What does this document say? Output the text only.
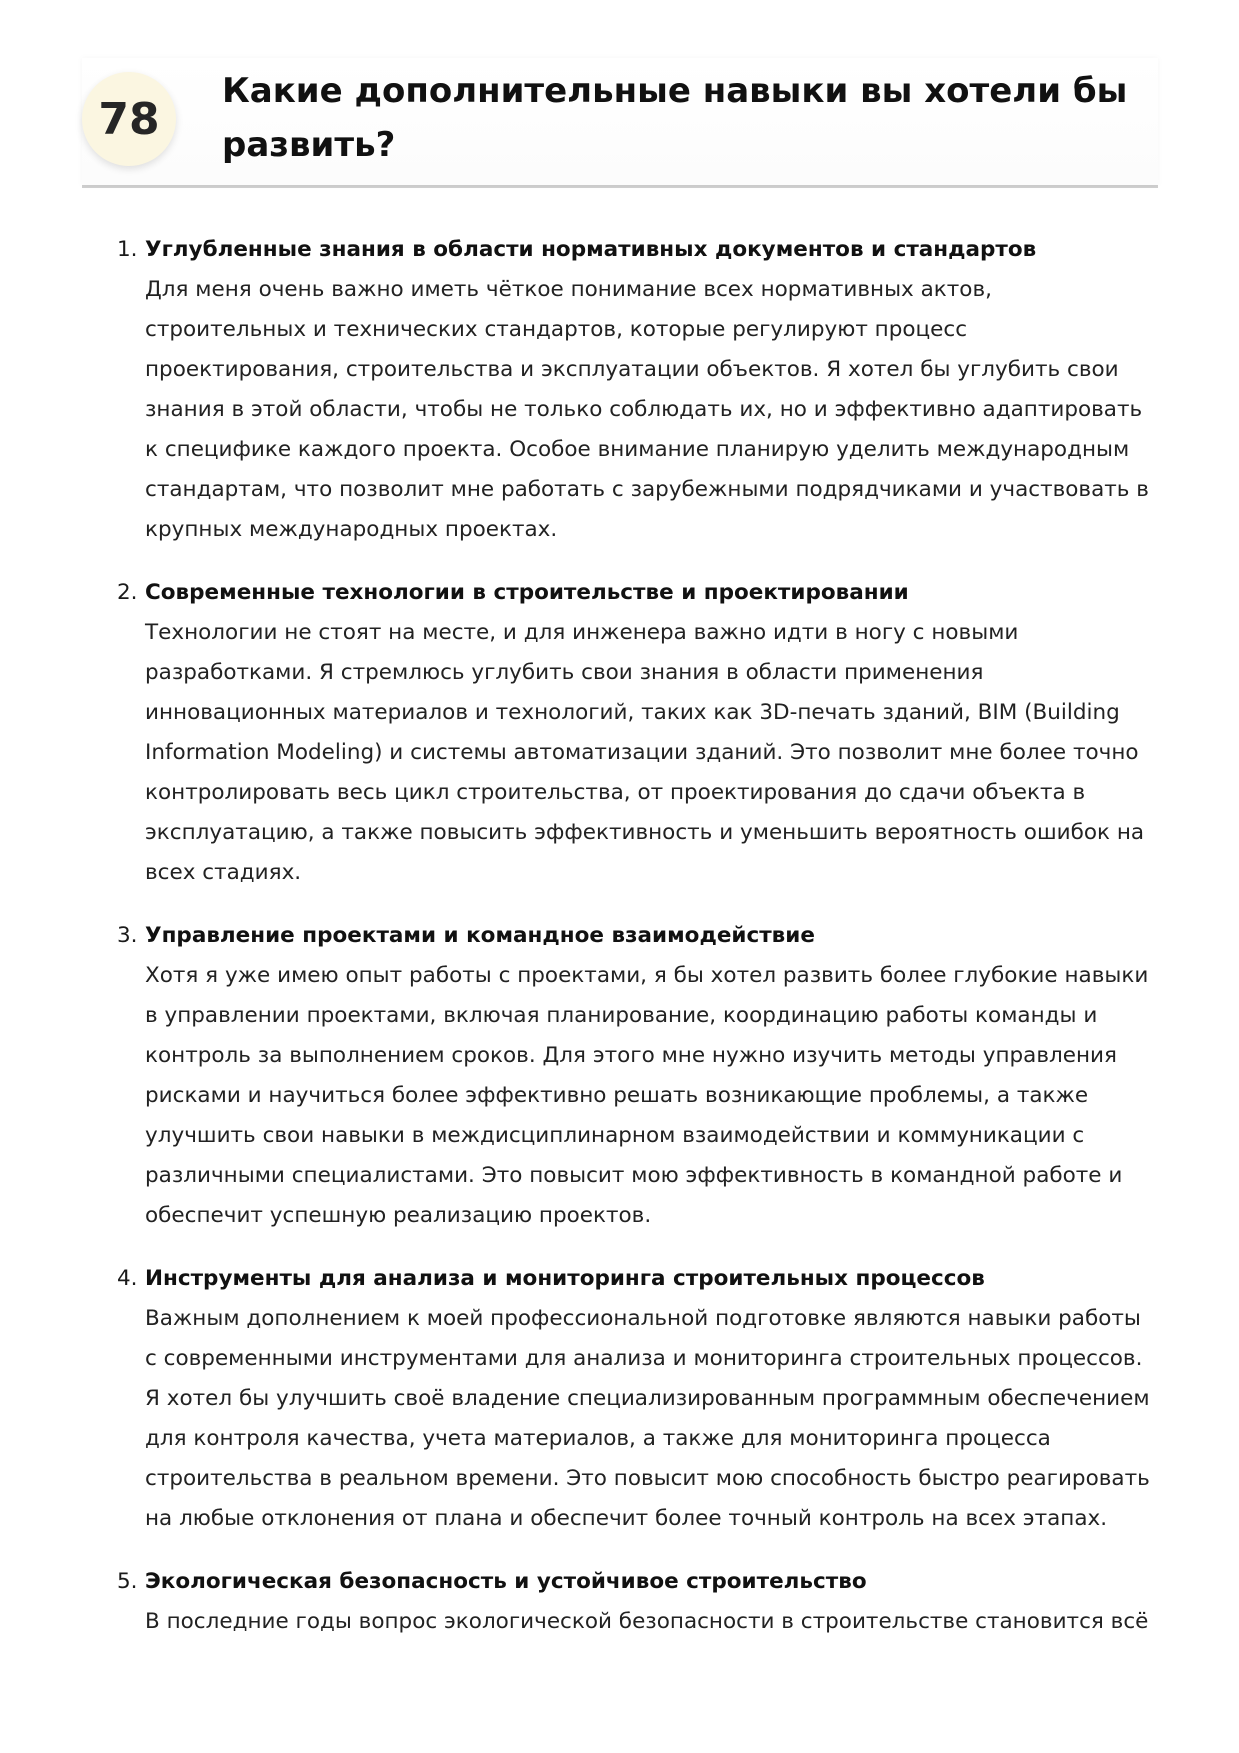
78
Какие дополнительные навыки вы хотели бы развить?
1. Углубленные знания в области нормативных документов и стандартов
Для меня очень важно иметь чёткое понимание всех нормативных актов, строительных и технических стандартов, которые регулируют процесс проектирования, строительства и эксплуатации объектов. Я хотел бы углубить свои знания в этой области, чтобы не только соблюдать их, но и эффективно адаптировать к специфике каждого проекта. Особое внимание планирую уделить международным стандартам, что позволит мне работать с зарубежными подрядчиками и участвовать в крупных международных проектах.
2. Современные технологии в строительстве и проектировании
Технологии не стоят на месте, и для инженера важно идти в ногу с новыми разработками. Я стремлюсь углубить свои знания в области применения инновационных материалов и технологий, таких как 3D-печать зданий, BIM (Building Information Modeling) и системы автоматизации зданий. Это позволит мне более точно контролировать весь цикл строительства, от проектирования до сдачи объекта в эксплуатацию, а также повысить эффективность и уменьшить вероятность ошибок на всех стадиях.
3. Управление проектами и командное взаимодействие
Хотя я уже имею опыт работы с проектами, я бы хотел развить более глубокие навыки в управлении проектами, включая планирование, координацию работы команды и контроль за выполнением сроков. Для этого мне нужно изучить методы управления рисками и научиться более эффективно решать возникающие проблемы, а также улучшить свои навыки в междисциплинарном взаимодействии и коммуникации с различными специалистами. Это повысит мою эффективность в командной работе и обеспечит успешную реализацию проектов.
4. Инструменты для анализа и мониторинга строительных процессов
Важным дополнением к моей профессиональной подготовке являются навыки работы с современными инструментами для анализа и мониторинга строительных процессов. Я хотел бы улучшить своё владение специализированным программным обеспечением для контроля качества, учета материалов, а также для мониторинга процесса строительства в реальном времени. Это повысит мою способность быстро реагировать на любые отклонения от плана и обеспечит более точный контроль на всех этапах.
5. Экологическая безопасность и устойчивое строительство
В последние годы вопрос экологической безопасности в строительстве становится всё
